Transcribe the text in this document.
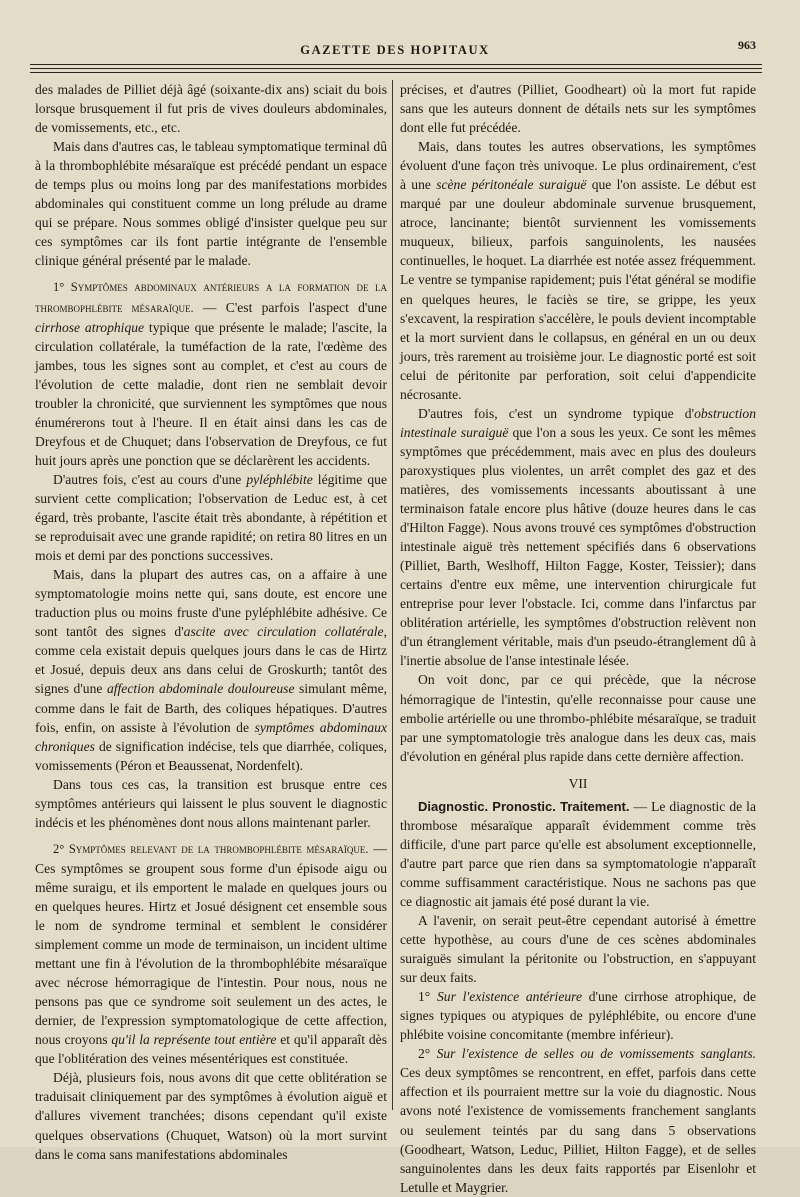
GAZETTE DES HOPITAUX	963

des malades de Pilliet déjà âgé (soixante-dix ans) sciait du bois lorsque brusquement il fut pris de vives douleurs abdominales, de vomissements, etc., etc.

Mais dans d'autres cas, le tableau symptomatique terminal dû à la thrombophlébite mésaraïque est précédé pendant un espace de temps plus ou moins long par des manifestations morbides abdominales qui constituent comme un long prélude au drame qui se prépare. Nous sommes obligé d'insister quelque peu sur ces symptômes car ils font partie intégrante de l'ensemble clinique général présenté par le malade.

1° Symptômes abdominaux antérieurs a la formation de la thrombophlébite mésaraïque. — C'est parfois l'aspect d'une cirrhose atrophique typique que présente le malade; l'ascite, la circulation collatérale, la tuméfaction de la rate, l'œdème des jambes, tous les signes sont au complet, et c'est au cours de l'évolution de cette maladie, dont rien ne semblait devoir troubler la chronicité, que surviennent les symptômes que nous énumérerons tout à l'heure. Il en était ainsi dans les cas de Dreyfous et de Chuquet; dans l'observation de Dreyfous, ce fut huit jours après une ponction que se déclarèrent les accidents.

D'autres fois, c'est au cours d'une pyléphlébite légitime que survient cette complication; l'observation de Leduc est, à cet égard, très probante, l'ascite était très abondante, à répétition et se reproduisait avec une grande rapidité; on retira 80 litres en un mois et demi par des ponctions successives.

Mais, dans la plupart des autres cas, on a affaire à une symptomatologie moins nette qui, sans doute, est encore une traduction plus ou moins fruste d'une pyléphlébite adhésive. Ce sont tantôt des signes d'ascite avec circulation collatérale, comme cela existait depuis quelques jours dans le cas de Hirtz et Josué, depuis deux ans dans celui de Groskurth; tantôt des signes d'une affection abdominale douloureuse simulant même, comme dans le fait de Barth, des coliques hépatiques. D'autres fois, enfin, on assiste à l'évolution de symptômes abdominaux chroniques de signification indécise, tels que diarrhée, coliques, vomissements (Péron et Beaussenat, Nordenfelt).

Dans tous ces cas, la transition est brusque entre ces symptômes antérieurs qui laissent le plus souvent le diagnostic indécis et les phénomènes dont nous allons maintenant parler.

2° Symptômes relevant de la thrombophlébite mésaraïque. — Ces symptômes se groupent sous forme d'un épisode aigu ou même suraigu, et ils emportent le malade en quelques jours ou en quelques heures. Hirtz et Josué désignent cet ensemble sous le nom de syndrome terminal et semblent le considérer simplement comme un mode de terminaison, un incident ultime mettant une fin à l'évolution de la thrombophlébite mésaraïque avec nécrose hémorragique de l'intestin. Pour nous, nous ne pensons pas que ce syndrome soit seulement un des actes, le dernier, de l'expression symptomatologique de cette affection, nous croyons qu'il la représente tout entière et qu'il apparaît dès que l'oblitération des veines mésentériques est constituée.

Déjà, plusieurs fois, nous avons dit que cette oblitération se traduisait cliniquement par des symptômes à évolution aiguë et d'allures vivement tranchées; disons cependant qu'il existe quelques observations (Chuquet, Watson) où la mort survint dans le coma sans manifestations abdominales

précises, et d'autres (Pilliet, Goodheart) où la mort fut rapide sans que les auteurs donnent de détails nets sur les symptômes dont elle fut précédée.

Mais, dans toutes les autres observations, les symptômes évoluent d'une façon très univoque. Le plus ordinairement, c'est à une scène péritonéale suraiguë que l'on assiste. Le début est marqué par une douleur abdominale survenue brusquement, atroce, lancinante; bientôt surviennent les vomissements muqueux, bilieux, parfois sanguinolents, les nausées continuelles, le hoquet. La diarrhée est notée assez fréquemment. Le ventre se tympanise rapidement; puis l'état général se modifie en quelques heures, le faciès se tire, se grippe, les yeux s'excavent, la respiration s'accélère, le pouls devient incomptable et la mort survient dans le collapsus, en général en un ou deux jours, très rarement au troisième jour. Le diagnostic porté est soit celui de péritonite par perforation, soit celui d'appendicite nécrosante.

D'autres fois, c'est un syndrome typique d'obstruction intestinale suraiguë que l'on a sous les yeux. Ce sont les mêmes symptômes que précédemment, mais avec en plus des douleurs paroxystiques plus violentes, un arrêt complet des gaz et des matières, des vomissements incessants aboutissant à une terminaison fatale encore plus hâtive (douze heures dans le cas d'Hilton Fagge). Nous avons trouvé ces symptômes d'obstruction intestinale aiguë très nettement spécifiés dans 6 observations (Pilliet, Barth, Weslhoff, Hilton Fagge, Koster, Teissier); dans certains d'entre eux même, une intervention chirurgicale fut entreprise pour lever l'obstacle. Ici, comme dans l'infarctus par oblitération artérielle, les symptômes d'obstruction relèvent non d'un étranglement véritable, mais d'un pseudo-étranglement dû à l'inertie absolue de l'anse intestinale lésée.

On voit donc, par ce qui précède, que la nécrose hémorragique de l'intestin, qu'elle reconnaisse pour cause une embolie artérielle ou une thrombo-phlébite mésaraïque, se traduit par une symptomatologie très analogue dans les deux cas, mais d'évolution en général plus rapide dans cette dernière affection.

VII

Diagnostic. Pronostic. Traitement. — Le diagnostic de la thrombose mésaraïque apparaît évidemment comme très difficile, d'une part parce qu'elle est absolument exceptionnelle, d'autre part parce que rien dans sa symptomatologie n'apparaît comme suffisamment caractéristique. Nous ne sachons pas que ce diagnostic ait jamais été posé durant la vie.

A l'avenir, on serait peut-être cependant autorisé à émettre cette hypothèse, au cours d'une de ces scènes abdominales suraiguës simulant la péritonite ou l'obstruction, en s'appuyant sur deux faits.

1° Sur l'existence antérieure d'une cirrhose atrophique, de signes typiques ou atypiques de pyléphlébite, ou encore d'une phlébite voisine concomitante (membre inférieur).

2° Sur l'existence de selles ou de vomissements sanglants. Ces deux symptômes se rencontrent, en effet, parfois dans cette affection et ils pourraient mettre sur la voie du diagnostic. Nous avons noté l'existence de vomissements franchement sanglants ou seulement teintés par du sang dans 5 observations (Goodheart, Watson, Leduc, Pilliet, Hilton Fagge), et de selles sanguinolentes dans les deux faits rapportés par Eisenlohr et Letulle et Maygrier.
